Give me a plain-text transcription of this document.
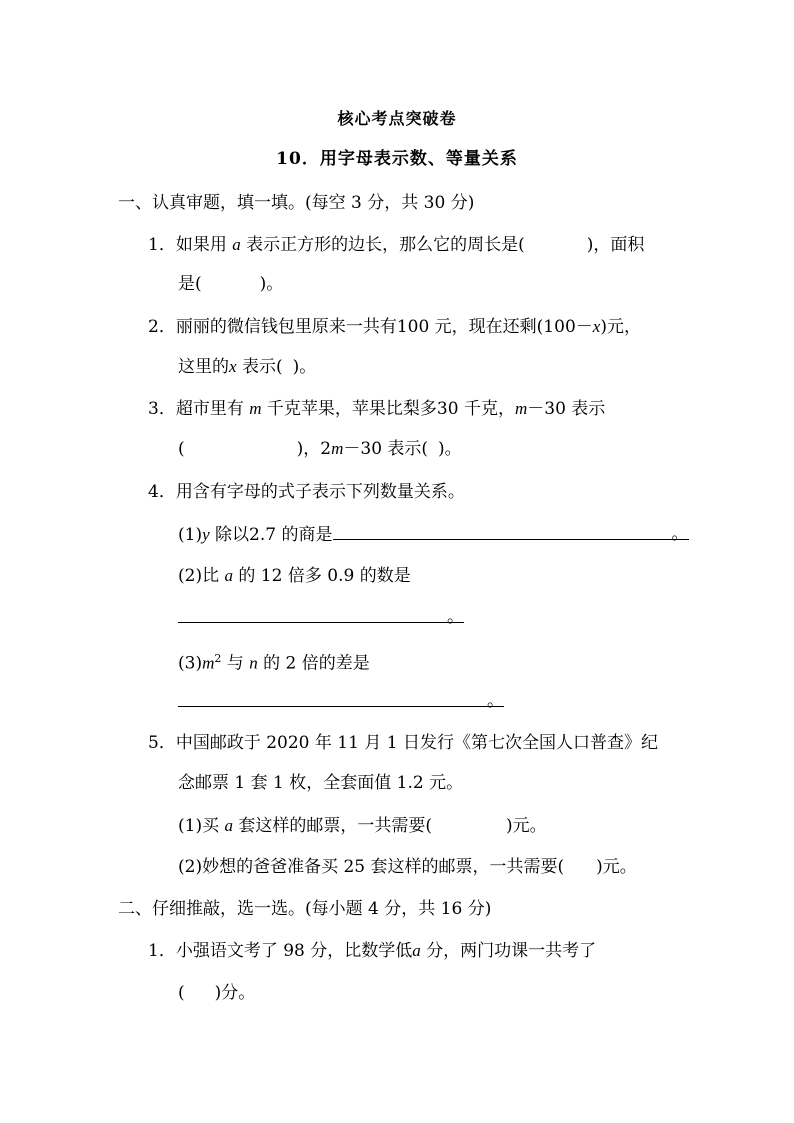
核心考点突破卷
10．用字母表示数、等量关系
一、认真审题，填一填。(每空 3 分，共 30 分)
1．如果用 a 表示正方形的边长，那么它的周长是(	)，面积
是(	)。
2．丽丽的微信钱包里原来一共有100 元，现在还剩(100－x)元，
这里的x 表示( )。
3．超市里有 m 千克苹果，苹果比梨多30 千克，m－30 表示
(	)，2m－30 表示( )。
4．用含有字母的式子表示下列数量关系。
(1)y 除以2.7 的商是	。
(2)比 a 的 12 倍多 0.9 的数是
。
$(3)m^2$ 与 n 的 2 倍的差是
。
5．中国邮政于 2020 年 11 月 1 日发行《第七次全国人口普查》纪
念邮票 1 套 1 枚，全套面值 1.2 元。
(1)买 a 套这样的邮票，一共需要(	)元。
(2)妙想的爸爸准备买 25 套这样的邮票，一共需要( )元。
二、仔细推敲，选一选。(每小题 4 分，共 16 分)
1．小强语文考了 98 分，比数学低a 分，两门功课一共考了
( )分。
